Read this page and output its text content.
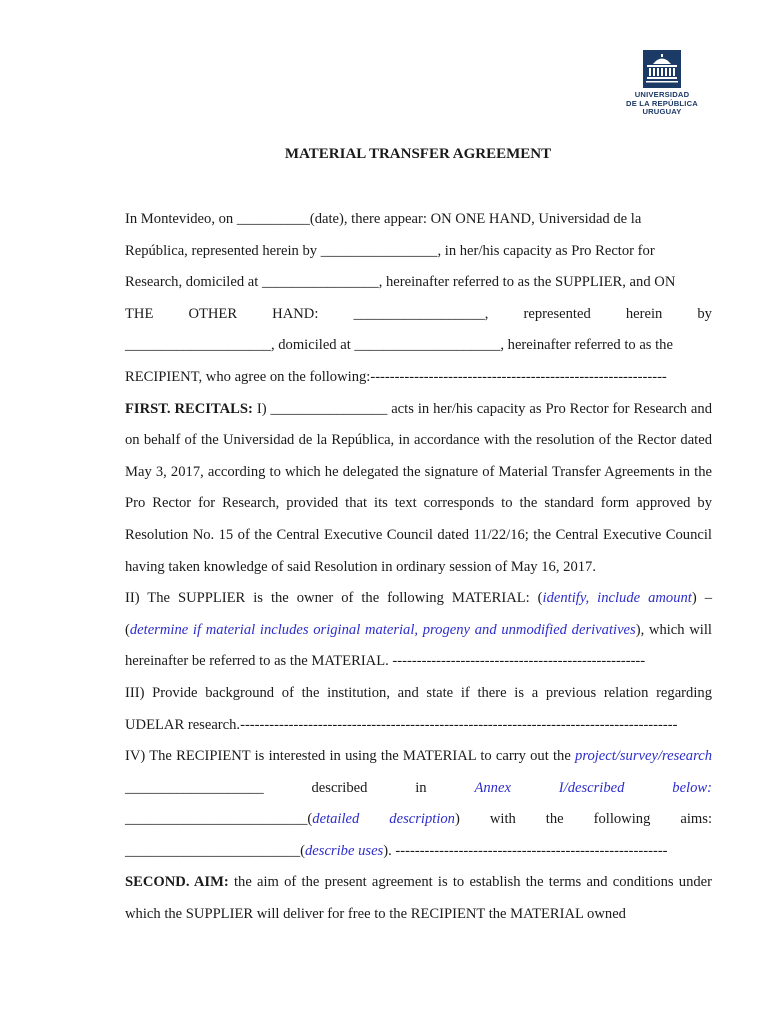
UNIVERSIDAD
DE LA REPÚBLICA
URUGUAY
MATERIAL TRANSFER AGREEMENT

In Montevideo, on __________(date), there appear: ON ONE HAND, Universidad de la

República, represented herein by ________________, in her/his capacity as Pro Rector for

Research, domiciled at ________________, hereinafter referred to as the SUPPLIER, and ON

THE OTHER HAND: __________________, represented herein by

____________________, domiciled at ____________________, hereinafter referred to as the

RECIPIENT, who agree on the following:-------------------------------------------------------------

FIRST. RECITALS: I) ________________ acts in her/his capacity as Pro Rector for Research and on behalf of the Universidad de la República, in accordance with the resolution of the Rector dated May 3, 2017, according to which he delegated the signature of Material Transfer Agreements in the Pro Rector for Research, provided that its text corresponds to the standard form approved by Resolution No. 15 of the Central Executive Council dated 11/22/16; the Central Executive Council having taken knowledge of said Resolution in ordinary session of May 16, 2017.

II) The SUPPLIER is the owner of the following MATERIAL: (identify, include amount) – (determine if material includes original material, progeny and unmodified derivatives), which will hereinafter be referred to as the MATERIAL. ----------------------------------------------------

III) Provide background of the institution, and state if there is a previous relation regarding UDELAR research.------------------------------------------------------------------------------------------

IV) The RECIPIENT is interested in using the MATERIAL to carry out the project/survey/research ___________________ described in Annex I/described below: _________________________(detailed description) with the following aims: ________________________(describe uses). --------------------------------------------------------

SECOND. AIM: the aim of the present agreement is to establish the terms and conditions under which the SUPPLIER will deliver for free to the RECIPIENT the MATERIAL owned
